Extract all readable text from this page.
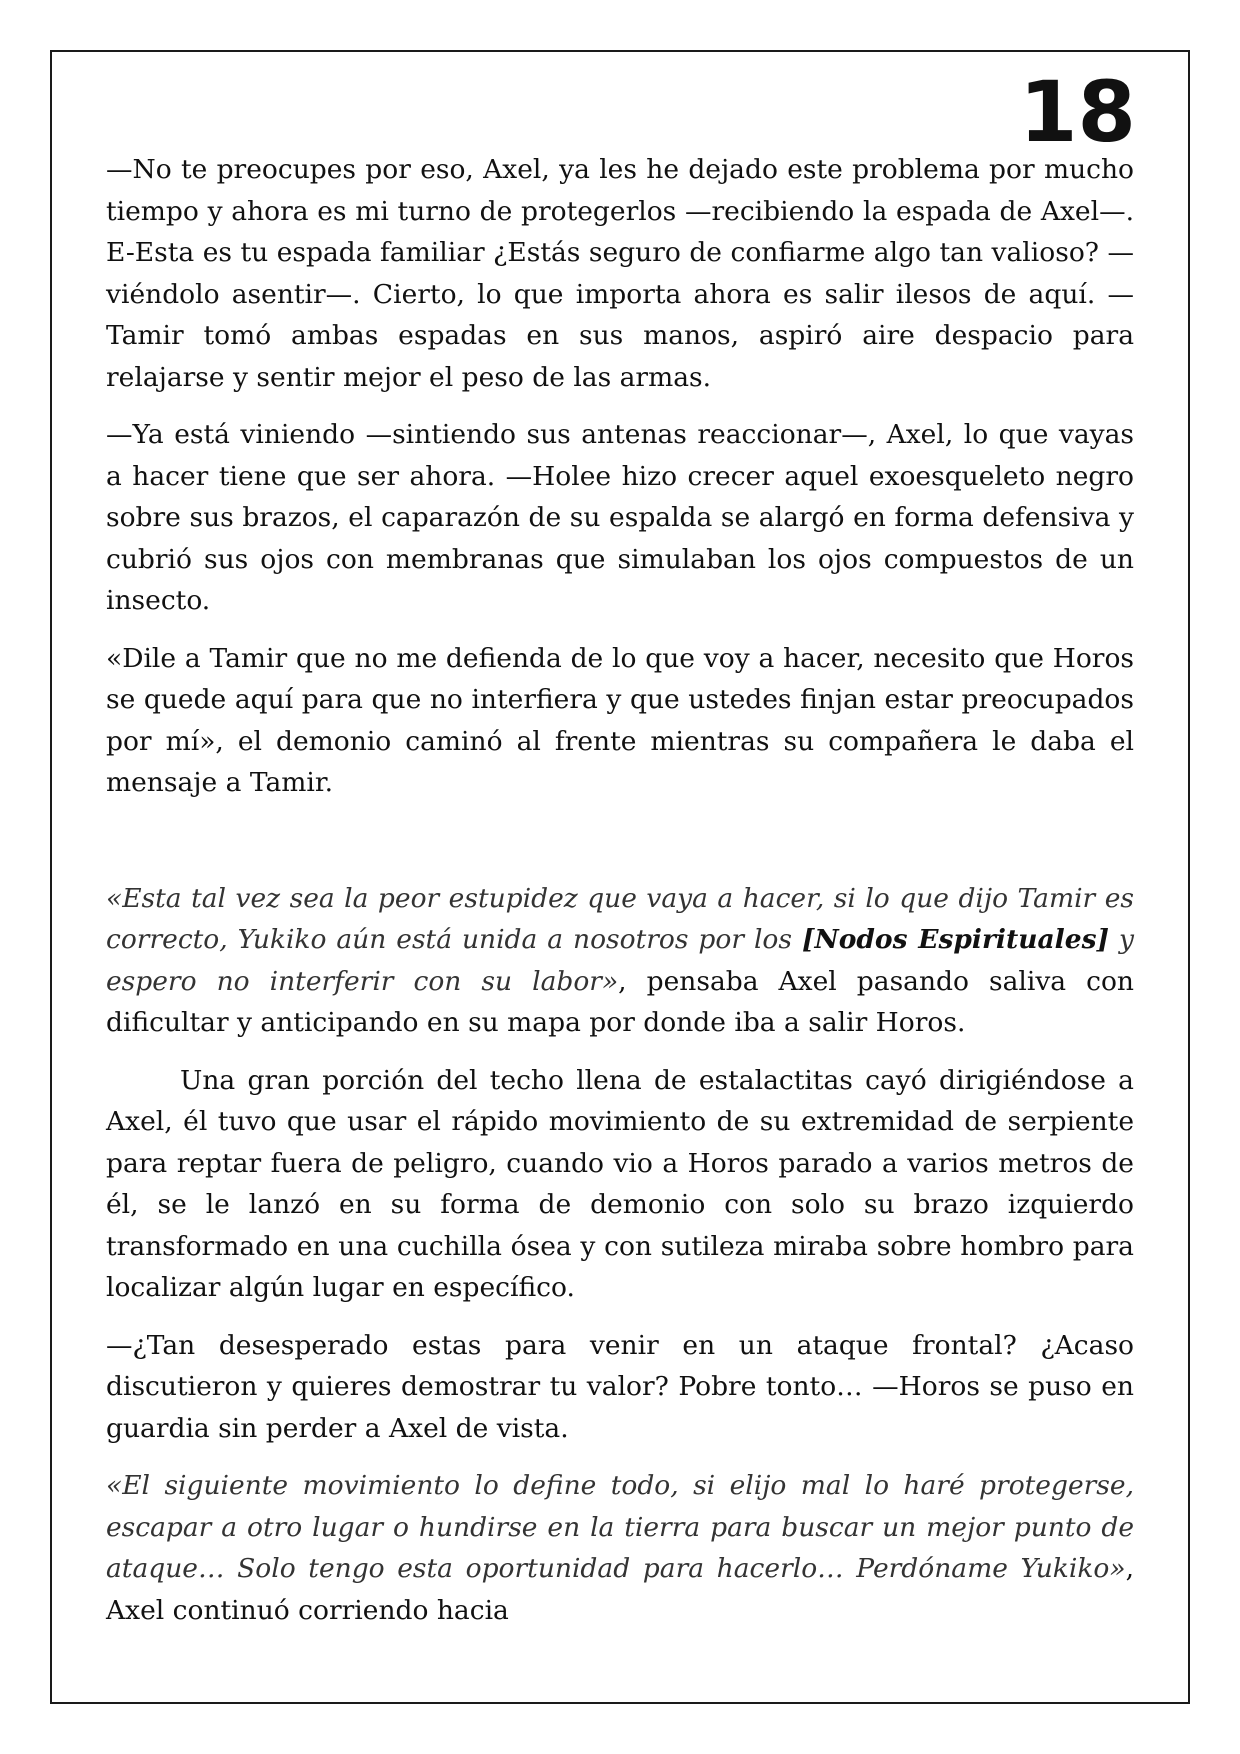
18

—No te preocupes por eso, Axel, ya les he dejado este problema por mucho tiempo y ahora es mi turno de protegerlos —recibiendo la espada de Axel—. E-Esta es tu espada familiar ¿Estás seguro de confiarme algo tan valioso? —viéndolo asentir—. Cierto, lo que importa ahora es salir ilesos de aquí. —Tamir tomó ambas espadas en sus manos, aspiró aire despacio para relajarse y sentir mejor el peso de las armas.

—Ya está viniendo —sintiendo sus antenas reaccionar—, Axel, lo que vayas a hacer tiene que ser ahora. —Holee hizo crecer aquel exoesqueleto negro sobre sus brazos, el caparazón de su espalda se alargó en forma defensiva y cubrió sus ojos con membranas que simulaban los ojos compuestos de un insecto.

«Dile a Tamir que no me defienda de lo que voy a hacer, necesito que Horos se quede aquí para que no interfiera y que ustedes finjan estar preocupados por mí», el demonio caminó al frente mientras su compañera le daba el mensaje a Tamir.

«Esta tal vez sea la peor estupidez que vaya a hacer, si lo que dijo Tamir es correcto, Yukiko aún está unida a nosotros por los [Nodos Espirituales] y espero no interferir con su labor», pensaba Axel pasando saliva con dificultar y anticipando en su mapa por donde iba a salir Horos.

Una gran porción del techo llena de estalactitas cayó dirigiéndose a Axel, él tuvo que usar el rápido movimiento de su extremidad de serpiente para reptar fuera de peligro, cuando vio a Horos parado a varios metros de él, se le lanzó en su forma de demonio con solo su brazo izquierdo transformado en una cuchilla ósea y con sutileza miraba sobre hombro para localizar algún lugar en específico.

—¿Tan desesperado estas para venir en un ataque frontal? ¿Acaso discutieron y quieres demostrar tu valor? Pobre tonto… —Horos se puso en guardia sin perder a Axel de vista.

«El siguiente movimiento lo define todo, si elijo mal lo haré protegerse, escapar a otro lugar o hundirse en la tierra para buscar un mejor punto de ataque… Solo tengo esta oportunidad para hacerlo… Perdóname Yukiko», Axel continuó corriendo hacia
